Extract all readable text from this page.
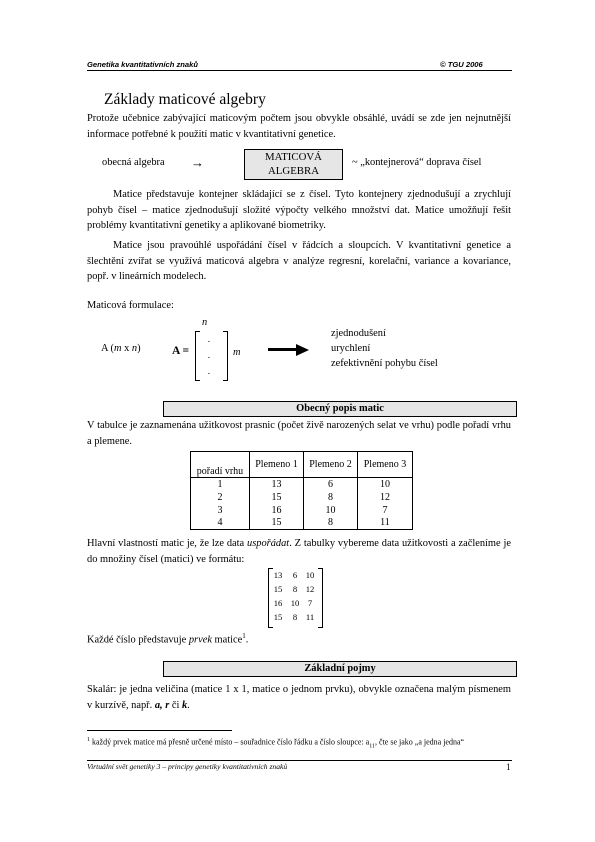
Genetika kvantitativních znaků	© TGU 2006
Základy maticové algebry

Protože učebnice zabývající maticovým počtem jsou obvykle obsáhlé, uvádí se zde jen nejnutnější informace potřebné k použití matic v kvantitativní genetice.

obecná algebra →	MATICOVÁ
ALGEBRA
~ „kontejnerová“ doprava čísel

Matice představuje kontejner skládající se z čísel. Tyto kontejnery zjednodušují a zrychlují pohyb čísel – matice zjednodušují složité výpočty velkého množství dat. Matice umožňují řešit problémy kvantitativní genetiky a aplikované biometriky.

Matice jsou pravoúhlé uspořádání čísel v řádcích a sloupcích. V kvantitativní genetice a šlechtění zvířat se využívá maticová algebra v analýze regresní, korelační, variance a kovariance, popř. v lineárních modelech.

Maticová formulace:
n
A (m x n)	A =
.
.
.
m
zjednodušení
urychlení
zefektivnění pohybu čísel
Obecný popis matic

V tabulce je zaznamenána užitkovost prasnic (počet živě narozených selat ve vrhu) podle pořadí vrhu a plemene.

pořadí vrhu	Plemeno 1	Plemeno 2	Plemeno 3
1	13	6	10
2	15	8	12
3	16	10	7
4	15	8	11

Hlavní vlastností matic je, že lze data uspořádat. Z tabulky vybereme data užitkovosti a začleníme je do množiny čísel (matici) ve formátu:

13	6 10
15	8 12
16 10 7
15	8	11

Každé číslo představuje prvek matice$^1$.

Základní pojmy

Skalár: je jedna veličina (matice 1 x 1, matice o jednom prvku), obvykle označena malým písmenem v kurzívě, např. a, r či k.

$^1$ každý prvek matice má přesně určené místo – souřadnice číslo řádku a číslo sloupce: $a_{11}$, čte se jako „a jedna jedna“
Virtuální svět genetiky 3 – principy genetiky kvantitativních znaků	1
